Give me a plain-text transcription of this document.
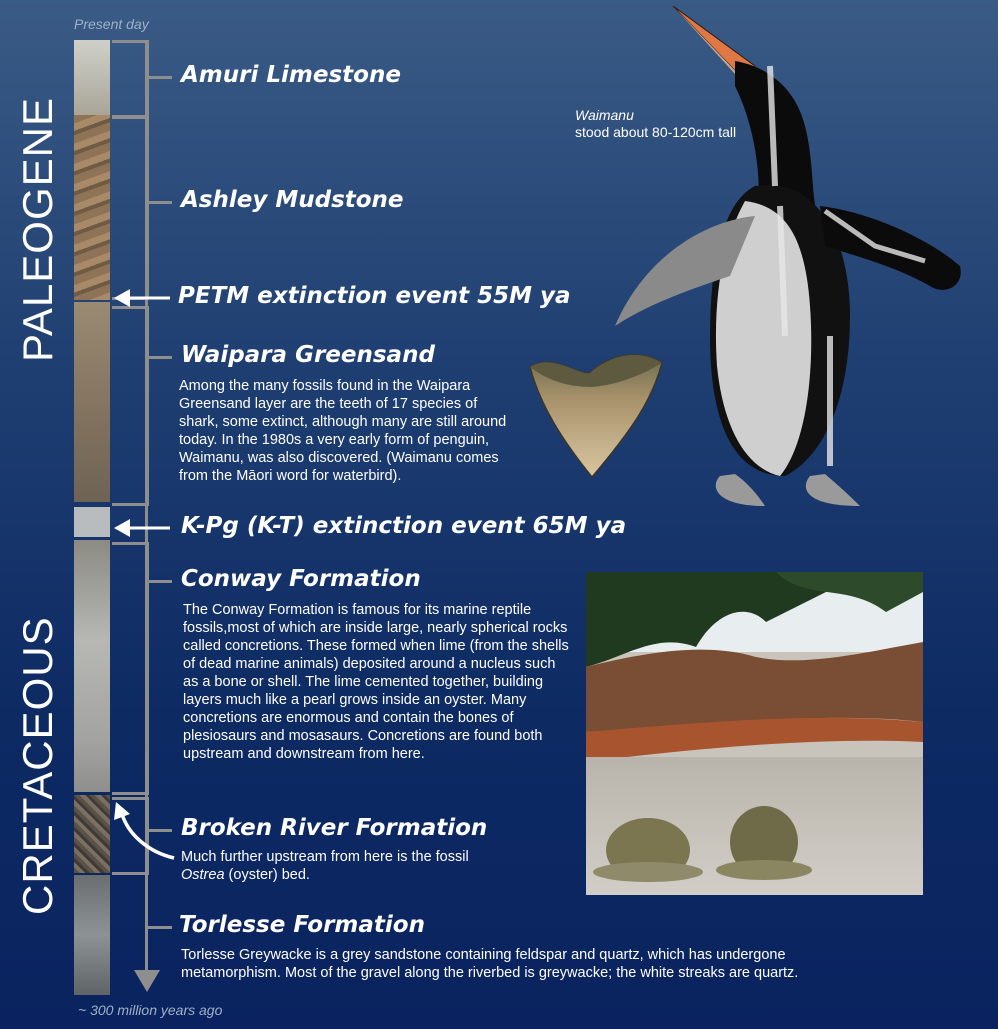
PALEOGENE
CRETACEOUS
Present day
~ 300 million years ago
Amuri Limestone
Ashley Mudstone
PETM extinction event 55M ya
Waipara Greensand
K-Pg (K-T) extinction event 65M ya
Conway Formation
Broken River Formation
Torlesse Formation
Among the many fossils found in the Waipara Greensand layer are the teeth of 17 species of shark, some extinct, although many are still around today. In the 1980s a very early form of penguin, Waimanu, was also discovered. (Waimanu comes from the Māori word for waterbird).
The Conway Formation is famous for its marine reptile fossils,most of which are inside large, nearly spherical rocks called concretions. These formed when lime (from the shells of dead marine animals) deposited around a nucleus such as a bone or shell. The lime cemented together, building layers much like a pearl grows inside an oyster. Many concretions are enormous and contain the bones of plesiosaurs and mosasaurs. Concretions are found both upstream and downstream from here.
Much further upstream from here is the fossil
Ostrea (oyster) bed.
Torlesse Greywacke is a grey sandstone containing feldspar and quartz, which has undergone metamorphism. Most of the gravel along the riverbed is greywacke; the white streaks are quartz.
Waimanu
stood about 80-120cm tall
